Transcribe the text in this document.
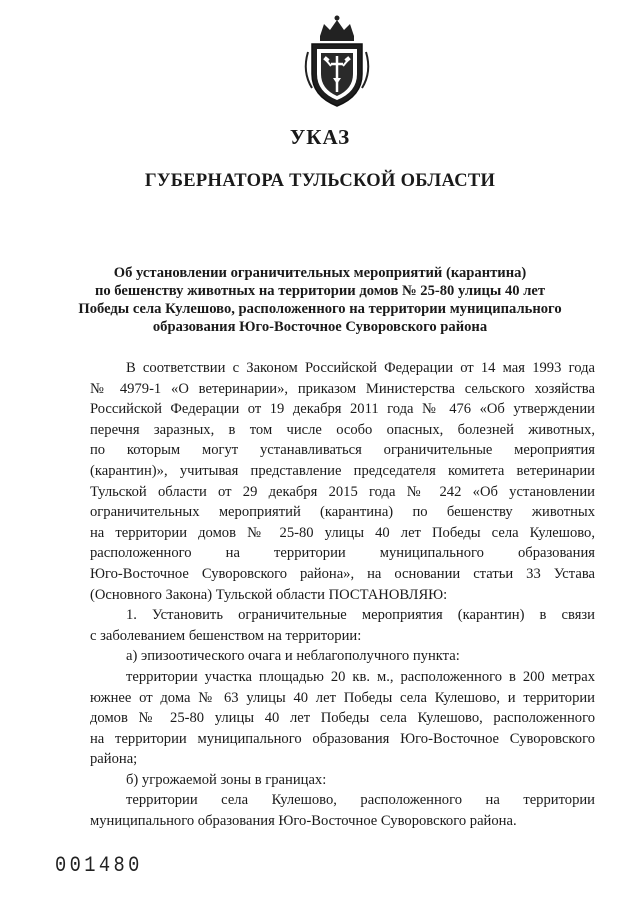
УКАЗ
ГУБЕРНАТОРА ТУЛЬСКОЙ ОБЛАСТИ
Об установлении ограничительных мероприятий (карантина)
по бешенству животных на территории домов № 25-80 улицы 40 лет
Победы села Кулешово, расположенного на территории муниципального
образования Юго-Восточное Суворовского района
В соответствии с Законом Российской Федерации от 14 мая 1993 года
№ 4979-1 «О ветеринарии», приказом Министерства сельского хозяйства
Российской Федерации от 19 декабря 2011 года № 476 «Об утверждении
перечня заразных, в том числе особо опасных, болезней животных,
по которым могут устанавливаться ограничительные мероприятия
(карантин)», учитывая представление председателя комитета ветеринарии
Тульской области от 29 декабря 2015 года № 242 «Об установлении
ограничительных мероприятий (карантина) по бешенству животных
на территории домов № 25-80 улицы 40 лет Победы села Кулешово,
расположенного на территории муниципального образования
Юго-Восточное Суворовского района», на основании статьи 33 Устава
(Основного Закона) Тульской области ПОСТАНОВЛЯЮ:
1. Установить ограничительные мероприятия (карантин) в связи
с заболеванием бешенством на территории:
а) эпизоотического очага и неблагополучного пункта:
территории участка площадью 20 кв. м., расположенного в 200 метрах
южнее от дома № 63 улицы 40 лет Победы села Кулешово, и территории
домов № 25-80 улицы 40 лет Победы села Кулешово, расположенного
на территории муниципального образования Юго-Восточное Суворовского
района;
б) угрожаемой зоны в границах:
территории села Кулешово, расположенного на территории
муниципального образования Юго-Восточное Суворовского района.
001480
